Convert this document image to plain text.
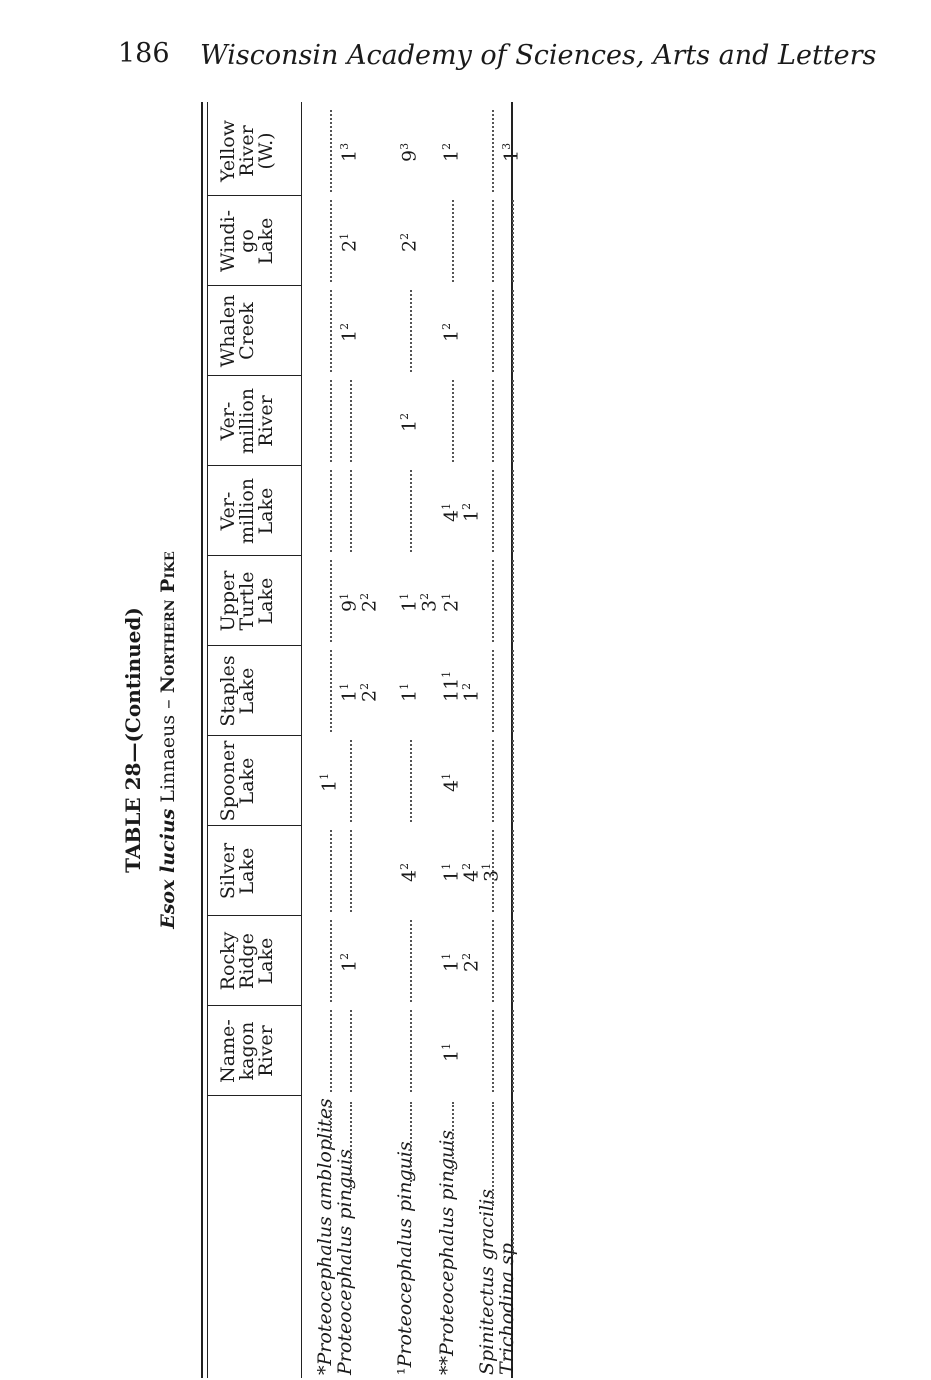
186 Wisconsin Academy of Sciences, Arts and Letters
TABLE 28—(Continued) Esox lucius Linnaeus – Northern Pike
*Proteocephalus ambloplites
$1^1$
Proteocephalus pinguis
$1^2$
$1^1$
$9^1$
$1^2$
$2^1$
$1^3$
$2^2$
$2^2$
¹Proteocephalus pinguis
$4^2$
$1^1$
$1^1$
$1^2$
$2^2$
$9^3$
$3^2$
**Proteocephalus pinguis
$1^1$
$1^1$
$1^1$
$4^1$
$11^1$
$2^1$
$4^1$
$1^2$
$1^2$
$2^2$
$4^2$
$1^2$
$1^2$
$3^1$
Spinitectus gracilis
Trichodina sp.
$1^3$
Name-
kagon
River
Rocky
Ridge
Lake
Silver
Lake
Spooner
Lake
Staples
Lake
Upper
Turtle
Lake
Ver-
million
Lake
Ver-
million
River
Whalen
Creek
Windi-
go
Lake
Yellow
River
(W.)
